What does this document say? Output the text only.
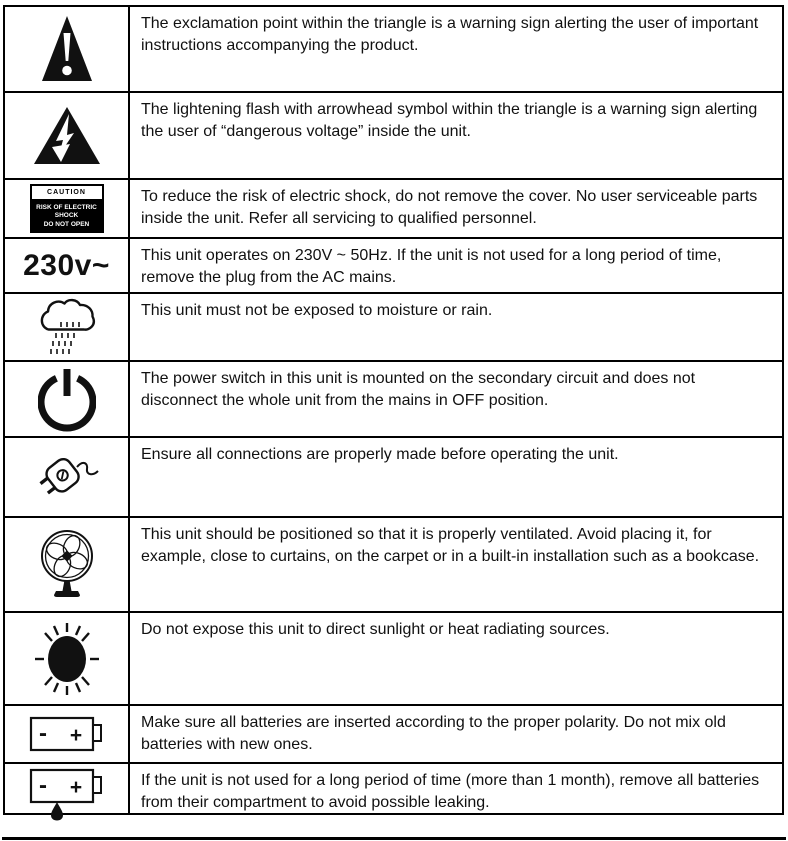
The exclamation point within the triangle is a warning sign alerting the user of important instructions accompanying the product.
The lightening flash with arrowhead symbol within the triangle is a warning sign alerting the user of “dangerous voltage” inside the unit.
CAUTION
RISK OF ELECTRIC
SHOCK
DO NOT OPEN
To reduce the risk of electric shock, do not remove the cover. No user serviceable parts inside the unit. Refer all servicing to qualified personnel.
230v~	This unit operates on 230V ~ 50Hz. If the unit is not used for a long period of time, remove the plug from the AC mains.
This unit must not be exposed to moisture or rain.
The power switch in this unit is mounted on the secondary circuit and does not disconnect the whole unit from the mains in OFF position.
Ensure all connections are properly made before operating the unit.
This unit should be positioned so that it is properly ventilated. Avoid placing it, for example, close to curtains, on the carpet or in a built-in installation such as a bookcase.
Do not expose this unit to direct sunlight or heat radiating sources.
- +
Make sure all batteries are inserted according to the proper polarity. Do not mix old batteries with new ones.
- +	If the unit is not used for a long period of time (more than 1 month), remove all batteries from their compartment to avoid possible leaking.
